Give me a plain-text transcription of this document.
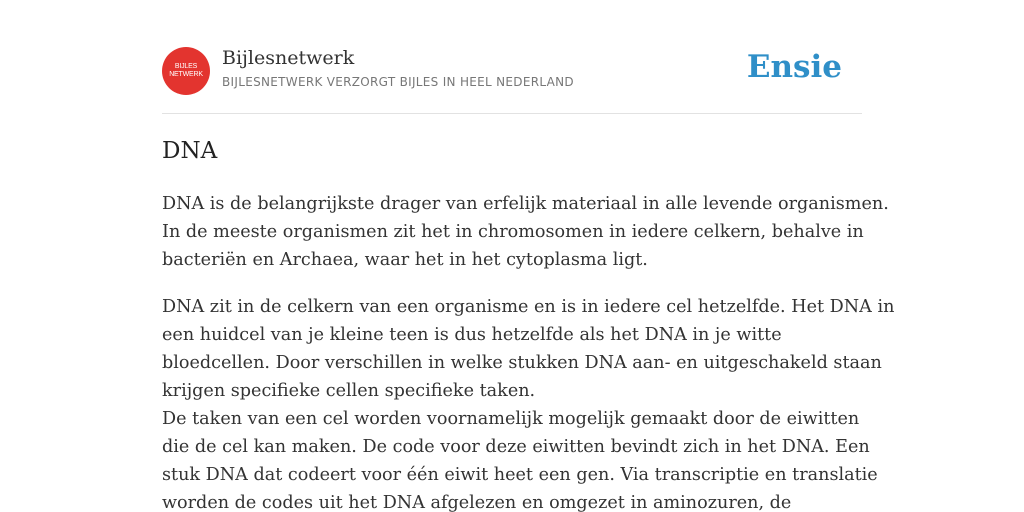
BIJLES
NETWERK
Bijlesnetwerk
BIJLESNETWERK VERZORGT BIJLES IN HEEL NEDERLAND	Ensie
DNA

DNA is de belangrijkste drager van erfelijk materiaal in alle levende organismen.
In de meeste organismen zit het in chromosomen in iedere celkern, behalve in
bacteriën en Archaea, waar het in het cytoplasma ligt.

DNA zit in de celkern van een organisme en is in iedere cel hetzelfde. Het DNA in
een huidcel van je kleine teen is dus hetzelfde als het DNA in je witte
bloedcellen. Door verschillen in welke stukken DNA aan- en uitgeschakeld staan
krijgen specifieke cellen specifieke taken.
De taken van een cel worden voornamelijk mogelijk gemaakt door de eiwitten
die de cel kan maken. De code voor deze eiwitten bevindt zich in het DNA. Een
stuk DNA dat codeert voor één eiwit heet een gen. Via transcriptie en translatie
worden de codes uit het DNA afgelezen en omgezet in aminozuren, de
